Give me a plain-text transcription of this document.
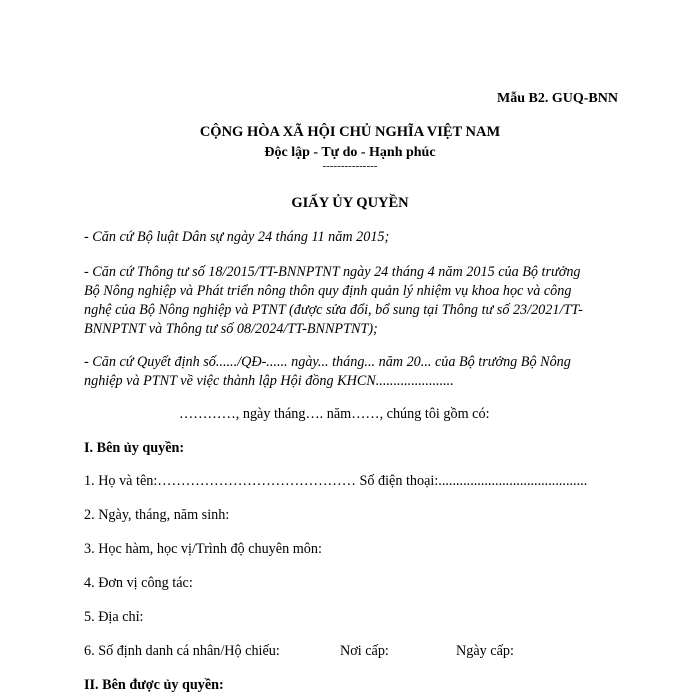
Mẫu B2. GUQ-BNN
CỘNG HÒA XÃ HỘI CHỦ NGHĨA VIỆT NAM
Độc lập - Tự do - Hạnh phúc
---------------
GIẤY ỦY QUYỀN
- Căn cứ Bộ luật Dân sự ngày 24 tháng 11 năm 2015;
- Căn cứ Thông tư số 18/2015/TT-BNNPTNT ngày 24 tháng 4 năm 2015 của Bộ trưởng
Bộ Nông nghiệp và Phát triển nông thôn quy định quản lý nhiệm vụ khoa học và công
nghệ của Bộ Nông nghiệp và PTNT (được sửa đổi, bổ sung tại Thông tư số 23/2021/TT-
BNNPTNT và Thông tư số 08/2024/TT-BNNPTNT);
- Căn cứ Quyết định số....../QĐ-...... ngày... tháng... năm 20... của Bộ trưởng Bộ Nông
nghiệp và PTNT về việc thành lập Hội đồng KHCN......................
…………, ngày tháng…. năm……, chúng tôi gồm có:
I. Bên ủy quyền:
1. Họ và tên:…………………………………… Số điện thoại:..........................................
2. Ngày, tháng, năm sinh:
3. Học hàm, học vị/Trình độ chuyên môn:
4. Đơn vị công tác:
5. Địa chỉ:
6. Số định danh cá nhân/Hộ chiếu:	Nơi cấp:	Ngày cấp:
II. Bên được ủy quyền:
